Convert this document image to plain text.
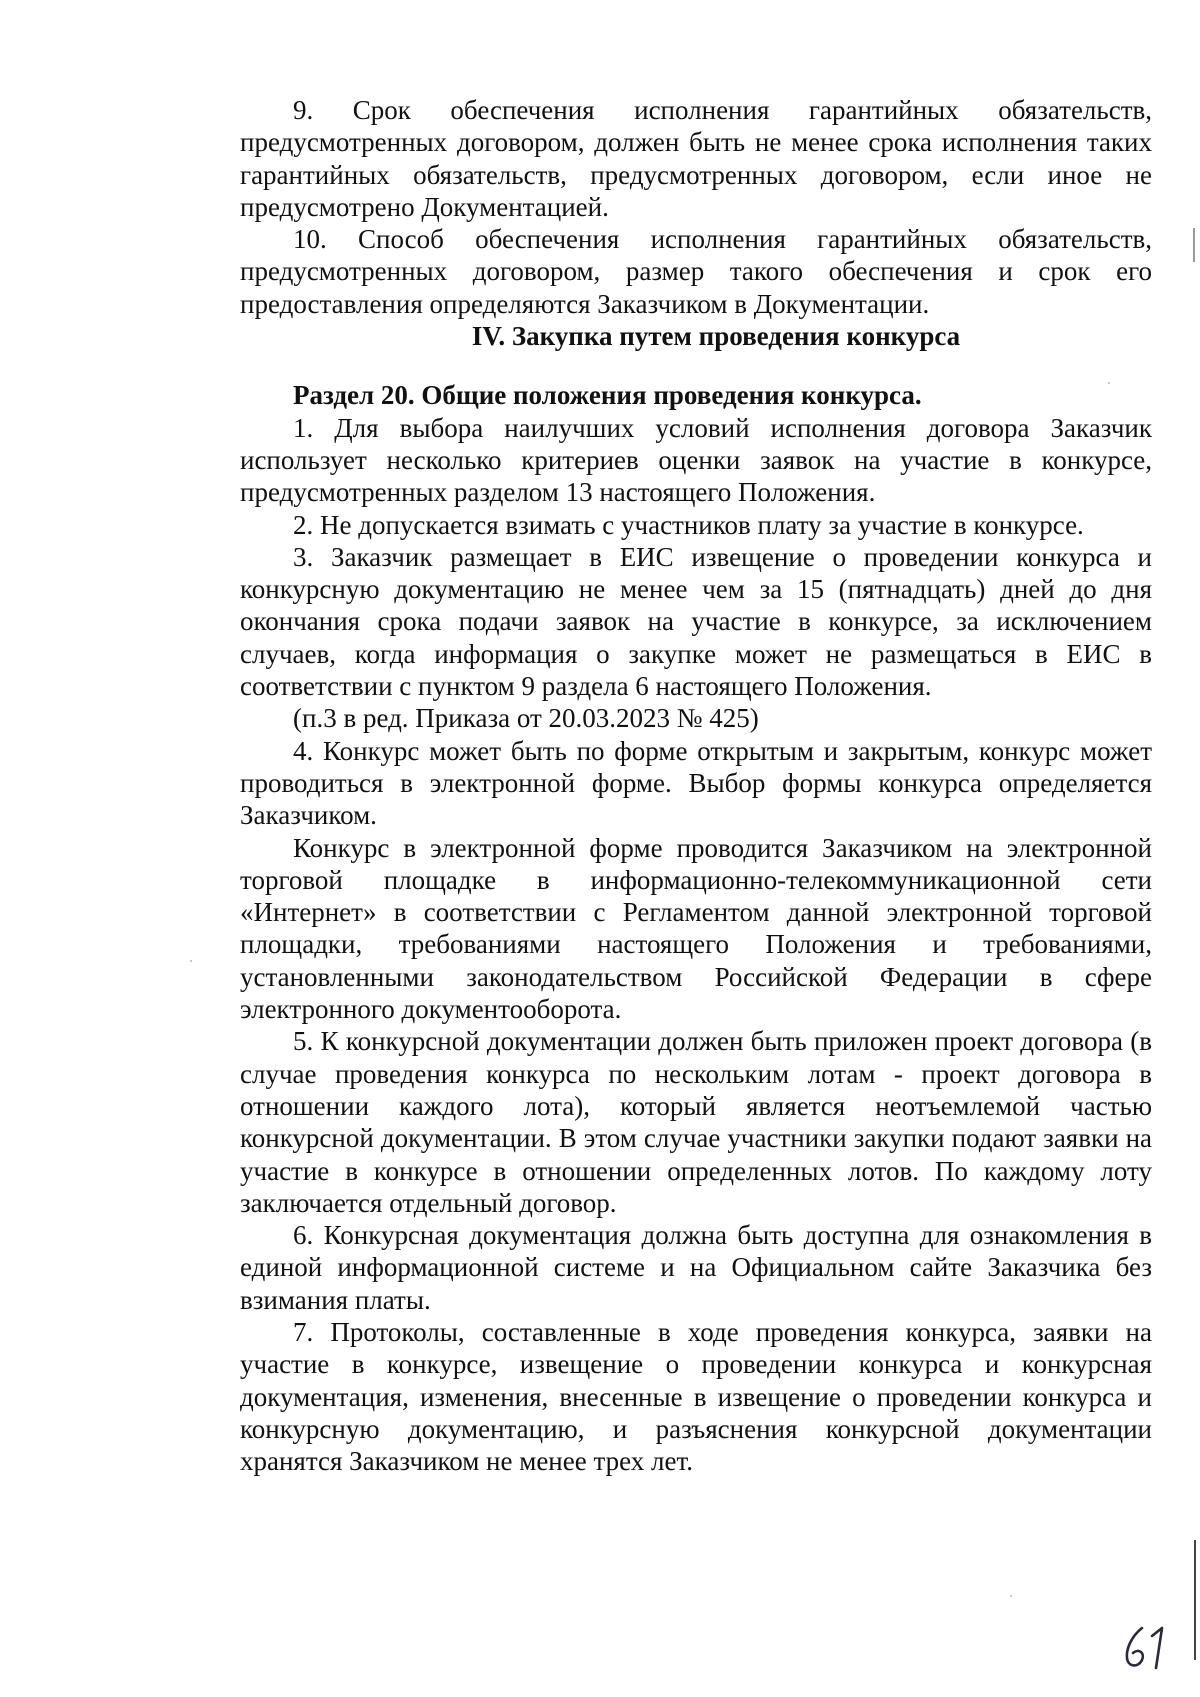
9. Срок обеспечения исполнения гарантийных обязательств, предусмотренных договором, должен быть не менее срока исполнения таких гарантийных обязательств, предусмотренных договором, если иное не предусмотрено Документацией.

10. Способ обеспечения исполнения гарантийных обязательств, предусмотренных договором, размер такого обеспечения и срок его предоставления определяются Заказчиком в Документации.

IV. Закупка путем проведения конкурса

Раздел 20. Общие положения проведения конкурса.

1. Для выбора наилучших условий исполнения договора Заказчик использует несколько критериев оценки заявок на участие в конкурсе, предусмотренных разделом 13 настоящего Положения.

2. Не допускается взимать с участников плату за участие в конкурсе.

3. Заказчик размещает в ЕИС извещение о проведении конкурса и конкурсную документацию не менее чем за 15 (пятнадцать) дней до дня окончания срока подачи заявок на участие в конкурсе, за исключением случаев, когда информация о закупке может не размещаться в ЕИС в соответствии с пунктом 9 раздела 6 настоящего Положения.

(п.3 в ред. Приказа от 20.03.2023 № 425)

4. Конкурс может быть по форме открытым и закрытым, конкурс может проводиться в электронной форме. Выбор формы конкурса определяется Заказчиком.

Конкурс в электронной форме проводится Заказчиком на электронной торговой площадке в информационно-телекоммуникационной сети «Интернет» в соответствии с Регламентом данной электронной торговой площадки, требованиями настоящего Положения и требованиями, установленными законодательством Российской Федерации в сфере электронного документооборота.

5. К конкурсной документации должен быть приложен проект договора (в случае проведения конкурса по нескольким лотам - проект договора в отношении каждого лота), который является неотъемлемой частью конкурсной документации. В этом случае участники закупки подают заявки на участие в конкурсе в отношении определенных лотов. По каждому лоту заключается отдельный договор.

6. Конкурсная документация должна быть доступна для ознакомления в единой информационной системе и на Официальном сайте Заказчика без взимания платы.

7. Протоколы, составленные в ходе проведения конкурса, заявки на участие в конкурсе, извещение о проведении конкурса и конкурсная документация, изменения, внесенные в извещение о проведении конкурса и конкурсную документацию, и разъяснения конкурсной документации хранятся Заказчиком не менее трех лет.
